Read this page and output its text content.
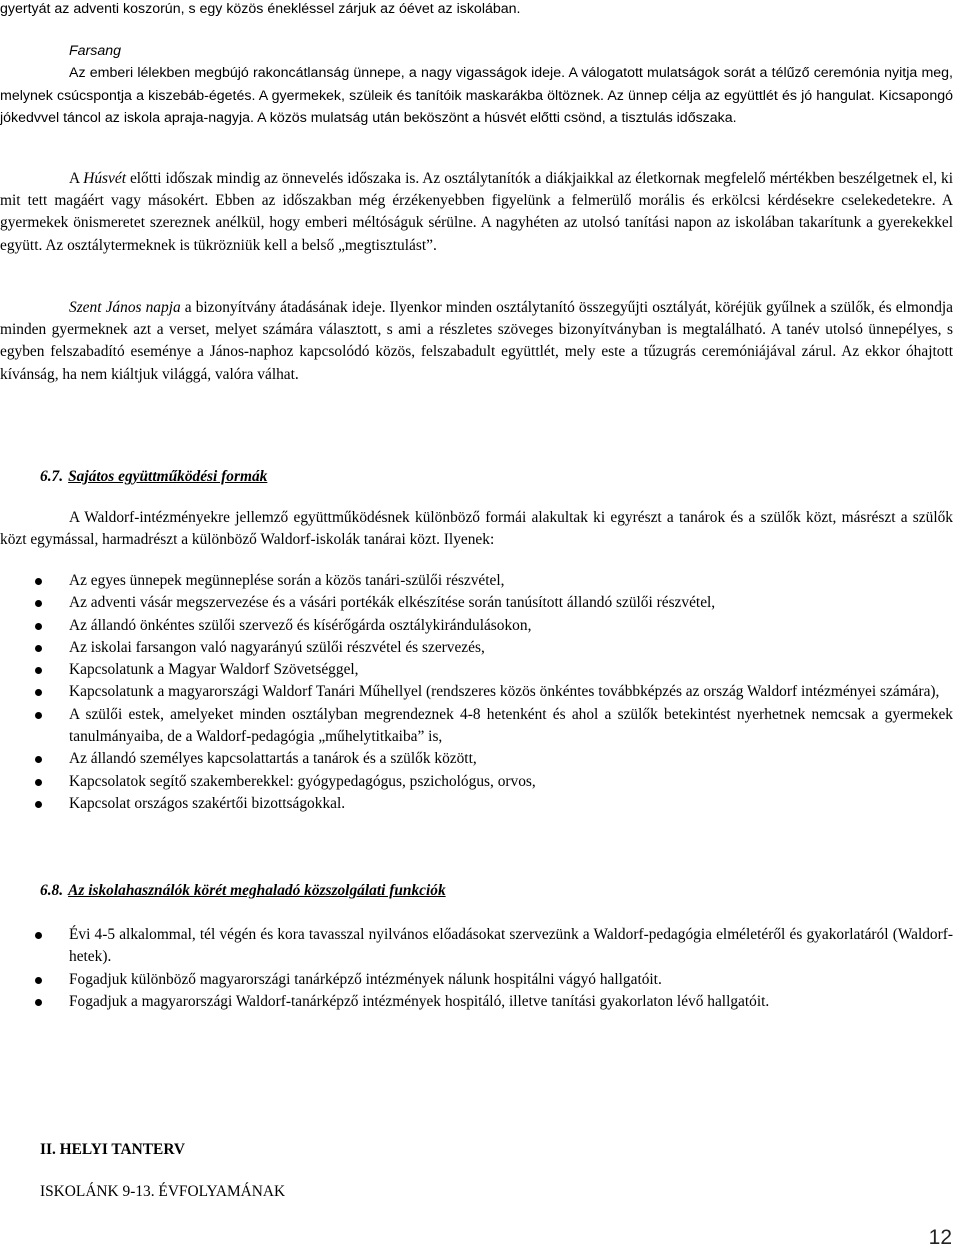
gyertyát az adventi koszorún, s egy közös énekléssel zárjuk az óévet az iskolában.

Farsang

Az emberi lélekben megbújó rakoncátlanság ünnepe, a nagy vigasságok ideje. A válogatott mulatságok sorát a télűző ceremónia nyitja meg, melynek csúcspontja a kiszebáb-égetés. A gyermekek, szüleik és tanítóik maskarákba öltöznek. Az ünnep célja az együttlét és jó hangulat. Kicsapongó jókedvvel táncol az iskola apraja-nagyja. A közös mulatság után beköszönt a húsvét előtti csönd, a tisztulás időszaka.

A Húsvét előtti időszak mindig az önnevelés időszaka is. Az osztálytanítók a diákjaikkal az életkornak megfelelő mértékben beszélgetnek el, ki mit tett magáért vagy másokért. Ebben az időszakban még érzékenyebben figyelünk a felmerülő morális és erkölcsi kérdésekre cselekedetekre. A gyermekek önismeretet szereznek anélkül, hogy emberi méltóságuk sérülne. A nagyhéten az utolsó tanítási napon az iskolában takarítunk a gyerekekkel együtt. Az osztálytermeknek is tükrözniük kell a belső „megtisztulást”.

Szent János napja a bizonyítvány átadásának ideje. Ilyenkor minden osztálytanító összegyűjti osztályát, köréjük gyűlnek a szülők, és elmondja minden gyermeknek azt a verset, melyet számára választott, s ami a részletes szöveges bizonyítványban is megtalálható. A tanév utolsó ünnepélyes, s egyben felszabadító eseménye a János-naphoz kapcsolódó közös, felszabadult együttlét, mely este a tűzugrás ceremóniájával zárul. Az ekkor óhajtott kívánság, ha nem kiáltjuk világgá, valóra válhat.

6.7. Sajátos együttműködési formák

A Waldorf-intézményekre jellemző együttműködésnek különböző formái alakultak ki egyrészt a tanárok és a szülők közt, másrészt a szülők közt egymással, harmadrészt a különböző Waldorf-iskolák tanárai közt. Ilyenek:

Az egyes ünnepek megünneplése során a közös tanári-szülői részvétel,
Az adventi vásár megszervezése és a vásári portékák elkészítése során tanúsított állandó szülői részvétel,
Az állandó önkéntes szülői szervező és kísérőgárda osztálykirándulásokon,
Az iskolai farsangon való nagyarányú szülői részvétel és szervezés,
Kapcsolatunk a Magyar Waldorf Szövetséggel,
Kapcsolatunk a magyarországi Waldorf Tanári Műhellyel (rendszeres közös önkéntes továbbképzés az ország Waldorf intézményei számára),
A szülői estek, amelyeket minden osztályban megrendeznek 4-8 hetenként és ahol a szülők betekintést nyerhetnek nemcsak a gyermekek tanulmányaiba, de a Waldorf-pedagógia „műhelytitkaiba” is,
Az állandó személyes kapcsolattartás a tanárok és a szülők között,
Kapcsolatok segítő szakemberekkel: gyógypedagógus, pszichológus, orvos,
Kapcsolat országos szakértői bizottságokkal.
6.8. Az iskolahasználók körét meghaladó közszolgálati funkciók
Évi 4-5 alkalommal, tél végén és kora tavasszal nyilvános előadásokat szervezünk a Waldorf-pedagógia elméletéről és gyakorlatáról (Waldorf-hetek).
Fogadjuk különböző magyarországi tanárképző intézmények nálunk hospitálni vágyó hallgatóit.
Fogadjuk a magyarországi Waldorf-tanárképző intézmények hospitáló, illetve tanítási gyakorlaton lévő hallgatóit.
II. HELYI TANTERV
ISKOLÁNK 9-13. ÉVFOLYAMÁNAK
12
